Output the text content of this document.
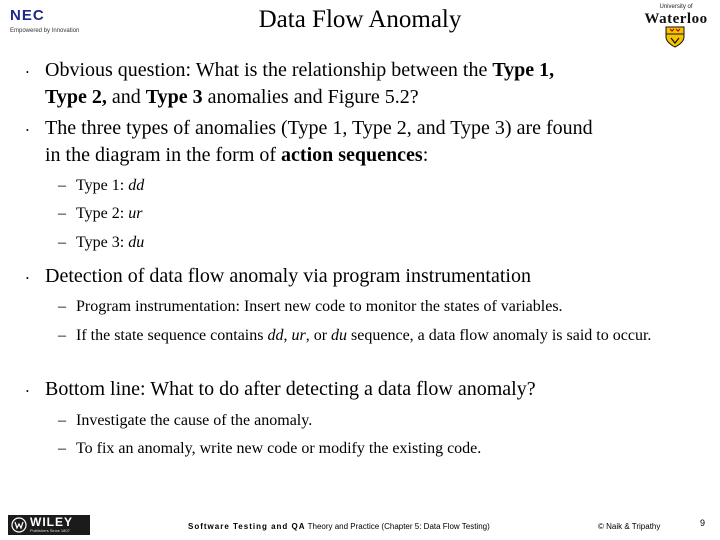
NEC
Empowered by Innovation	Data Flow Anomaly	University of
Waterloo
• Obvious question: What is the relationship between the Type 1,
Type 2, and Type 3 anomalies and Figure 5.2?
• The three types of anomalies (Type 1, Type 2, and Type 3) are found
in the diagram in the form of action sequences:
– Type 1: dd
– Type 2: ur
– Type 3: du
• Detection of data flow anomaly via program instrumentation
– Program instrumentation: Insert new code to monitor the states of variables.
– If the state sequence contains dd, ur, or du sequence, a data flow anomaly is said to occur.
• Bottom line: What to do after detecting a data flow anomaly?
– Investigate the cause of the anomaly.
– To fix an anomaly, write new code or modify the existing code.
WILEY
Publishers Since 1807	Software Testing and QA Theory and Practice (Chapter 5: Data Flow Testing)	© Naik & Tripathy	9
